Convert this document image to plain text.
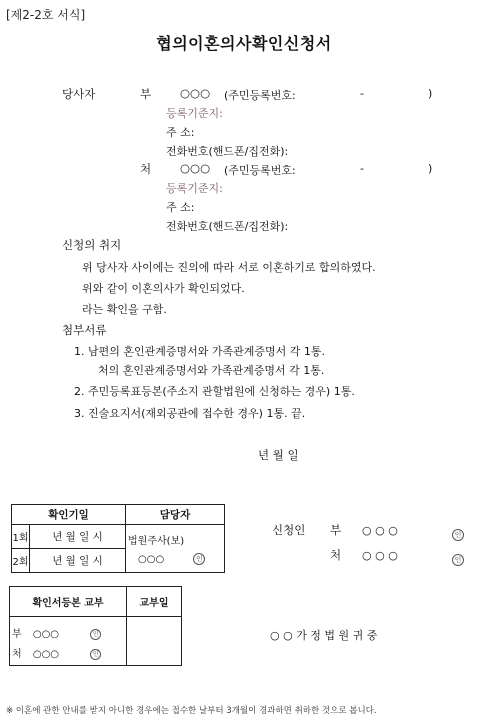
[제2-2호 서식]
협의이혼의사확인신청서
당사자	부	○○○ (주민등록번호:	-	)
등록기준지:
주 소:
전화번호(핸드폰/집전화):
처	○○○ (주민등록번호:	-	)
등록기준지:
주 소:
전화번호(핸드폰/집전화):
신청의 취지
위 당사자 사이에는 진의에 따라 서로 이혼하기로 합의하였다.
위와 같이 이혼의사가 확인되었다.
라는 확인을 구함.
첨부서류
1. 남편의 혼인관계증명서와 가족관계증명서 각 1통.
처의 혼인관계증명서와 가족관계증명서 각 1통.
2. 주민등록표등본(주소지 관할법원에 신청하는 경우) 1통.
3. 진술요지서(재외공관에 접수한 경우) 1통. 끝.
년 월 일
확인기일		담당자
1회	년 월 일 시	법원주사(보)
○○○ 인

2회	년 월 일 시	
신청인 부 ○ ○ ○	인
처 ○ ○ ○	인
확인서등본 교부	교부일

부 ○○○ 인
처 ○○○ 인	

○ ○ 가 정 법 원 귀 중
※ 이혼에 관한 안내를 받지 아니한 경우에는 접수한 날부터 3개월이 경과하면 취하한 것으로 봅니다.
